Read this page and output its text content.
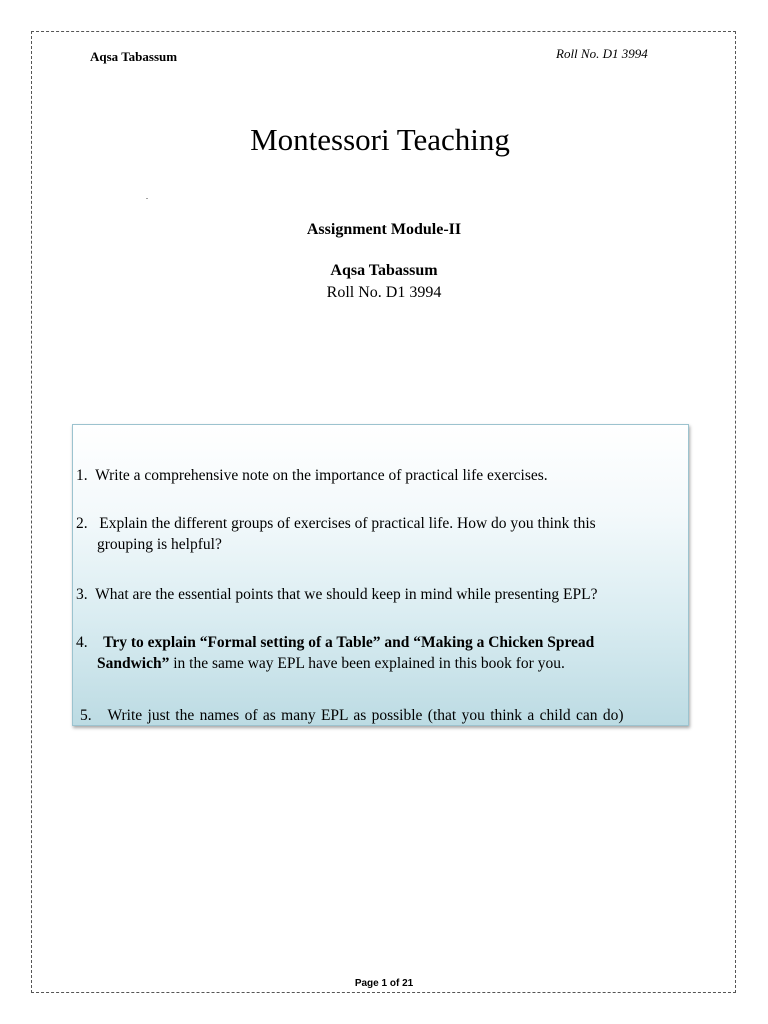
Aqsa Tabassum	Roll No. D1 3994
Montessori Teaching
.
Assignment Module-II
Aqsa Tabassum
Roll No. D1 3994
1. Write a comprehensive note on the importance of practical life exercises.
2. Explain the different groups of exercises of practical life. How do you think this
grouping is helpful?
3. What are the essential points that we should keep in mind while presenting EPL?
4. Try to explain “Formal setting of a Table” and “Making a Chicken Spread
Sandwich” in the same way EPL have been explained in this book for you.
5. Write just the names of as many EPL as possible (that you think a child can do)
Page 1 of 21
